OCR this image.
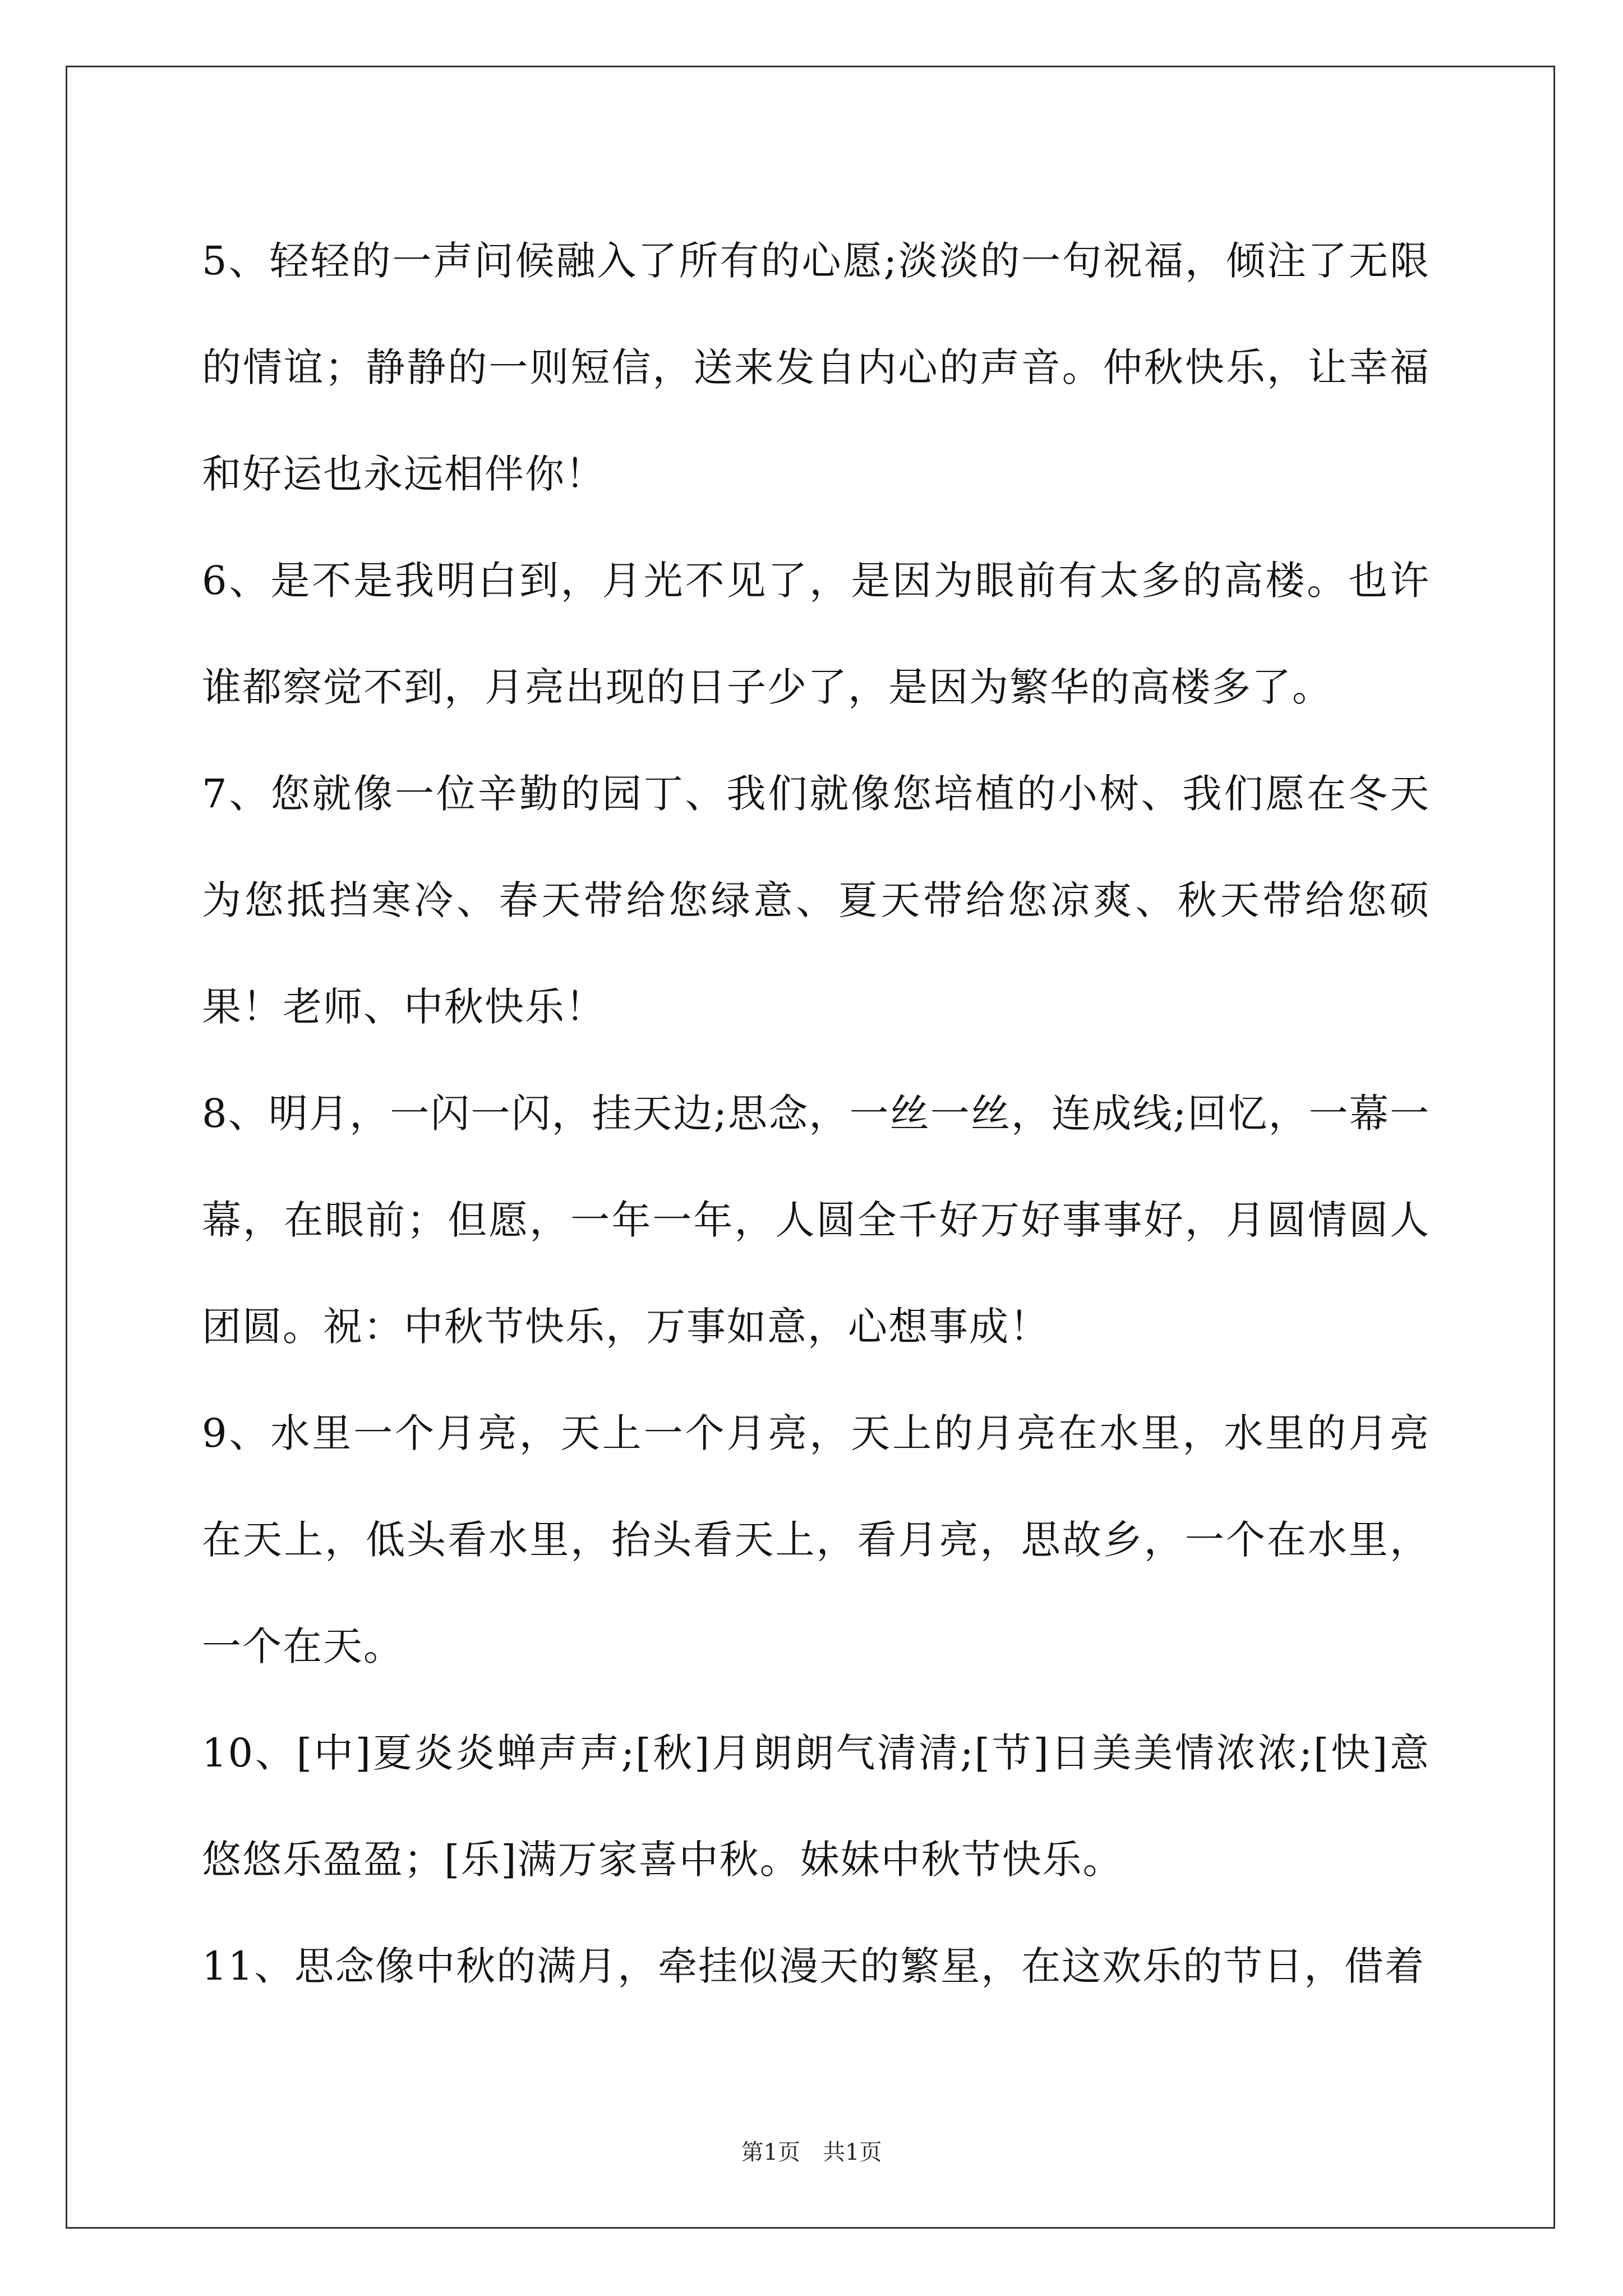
5、轻轻的一声问候融入了所有的心愿;淡淡的一句祝福，倾注了无限的情谊；静静的一则短信，送来发自内心的声音。仲秋快乐，让幸福和好运也永远相伴你！

6、是不是我明白到，月光不见了，是因为眼前有太多的高楼。也许谁都察觉不到，月亮出现的日子少了，是因为繁华的高楼多了。

7、您就像一位辛勤的园丁、我们就像您培植的小树、我们愿在冬天为您抵挡寒冷、春天带给您绿意、夏天带给您凉爽、秋天带给您硕果！老师、中秋快乐！

8、明月，一闪一闪，挂天边;思念，一丝一丝，连成线;回忆，一幕一幕，在眼前；但愿，一年一年，人圆全千好万好事事好，月圆情圆人团圆。祝：中秋节快乐，万事如意，心想事成！

9、水里一个月亮，天上一个月亮，天上的月亮在水里，水里的月亮在天上，低头看水里，抬头看天上，看月亮，思故乡，一个在水里，一个在天。

10、[中]夏炎炎蝉声声;[秋]月朗朗气清清;[节]日美美情浓浓;[快]意悠悠乐盈盈；[乐]满万家喜中秋。妹妹中秋节快乐。

11、思念像中秋的满月，牵挂似漫天的繁星，在这欢乐的节日，借着

第1页　共1页
